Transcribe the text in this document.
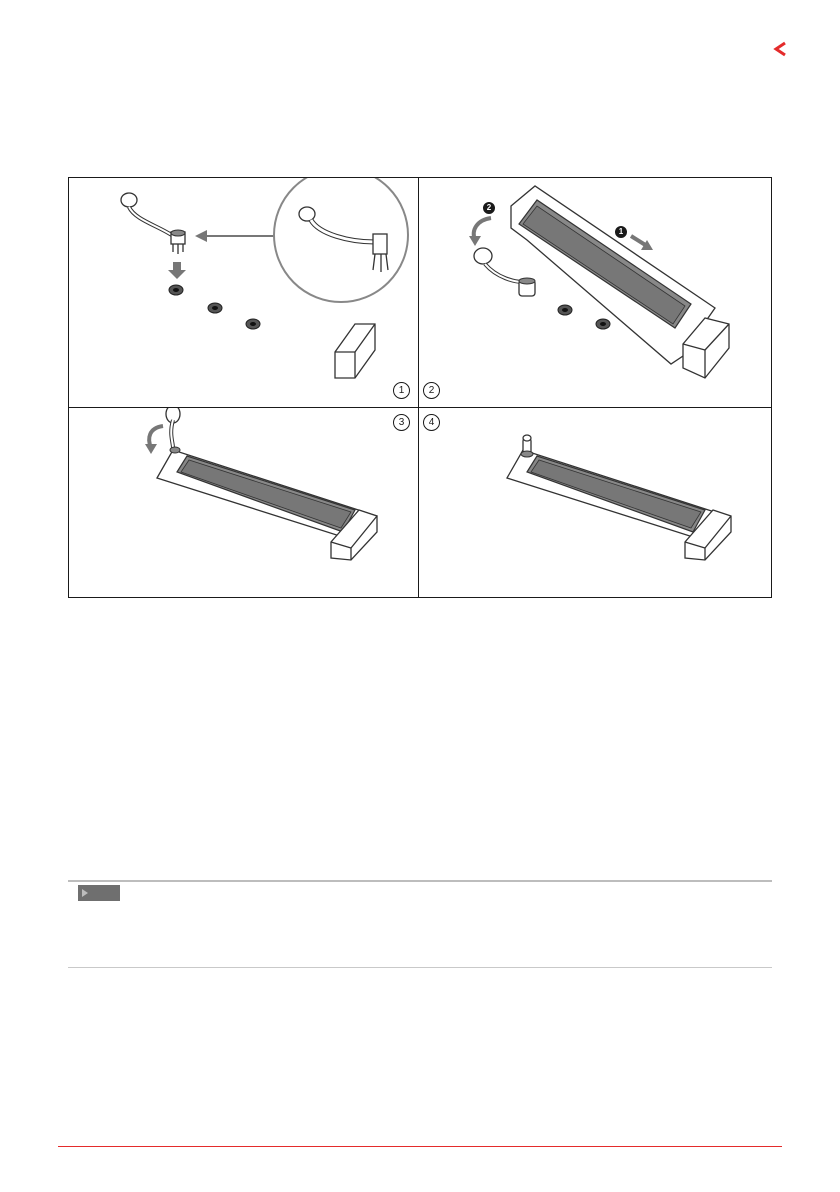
1	2
2
1
3	4
